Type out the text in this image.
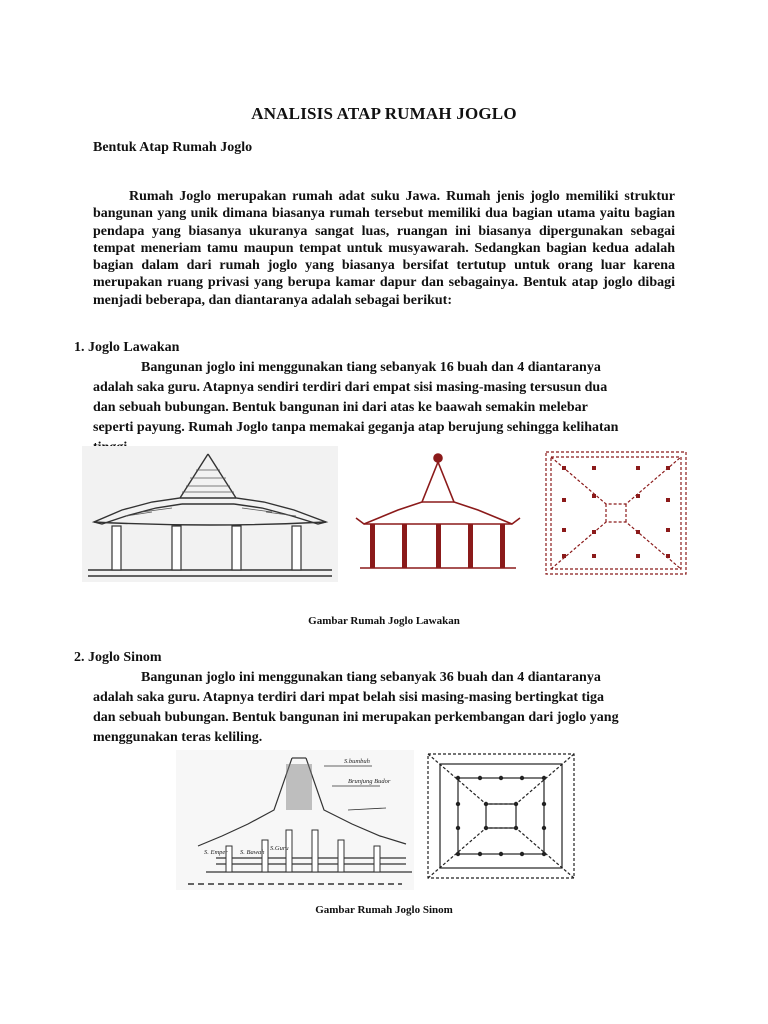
ANALISIS ATAP RUMAH JOGLO
Bentuk Atap Rumah Joglo
Rumah Joglo merupakan rumah adat suku Jawa. Rumah jenis joglo memiliki struktur bangunan yang unik dimana biasanya rumah tersebut memiliki dua bagian utama yaitu bagian pendapa yang biasanya ukuranya sangat luas, ruangan ini biasanya dipergunakan sebagai tempat meneriam tamu maupun tempat untuk musyawarah. Sedangkan bagian kedua adalah bagian dalam dari rumah joglo yang biasanya bersifat tertutup untuk orang luar karena merupakan ruang privasi yang berupa kamar dapur dan sebagainya. Bentuk atap joglo dibagi menjadi beberapa, dan diantaranya adalah sebagai berikut:
1. Joglo Lawakan
Bangunan joglo ini menggunakan tiang sebanyak 16 buah dan 4 diantaranya
adalah saka guru. Atapnya sendiri terdiri dari empat sisi masing-masing tersusun dua
dan sebuah bubungan. Bentuk bangunan ini dari atas ke baawah semakin melebar
seperti payung. Rumah Joglo tanpa memakai geganja atap berujung sehingga kelihatan
Gambar Rumah Joglo Lawakan
2. Joglo Sinom
Bangunan joglo ini menggunakan tiang sebanyak 36 buah dan 4 diantaranya
adalah saka guru. Atapnya terdiri dari mpat belah sisi masing-masing bertingkat tiga
dan sebuah bubungan. Bentuk bangunan ini merupakan perkembangan dari joglo yang
menggunakan teras keliling.
S.bumbuh
Brunjung Budor
S. Emper S. Bawah
S.Guru
Gambar Rumah Joglo Sinom
